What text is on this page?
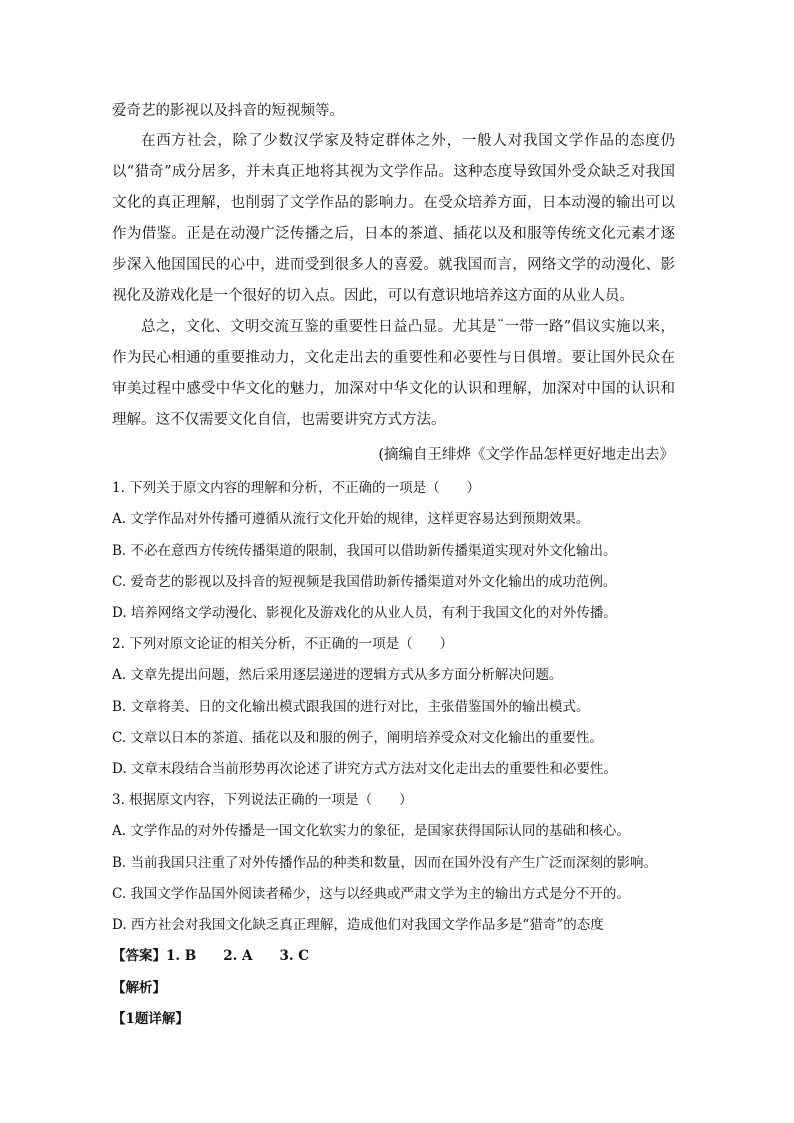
爱奇艺的影视以及抖音的短视频等。
在西方社会，除了少数汉学家及特定群体之外，一般人对我国文学作品的态度仍以“猎奇”成分居多，并未真正地将其视为文学作品。这种态度导致国外受众缺乏对我国文化的真正理解，也削弱了文学作品的影响力。在受众培养方面，日本动漫的输出可以作为借鉴。正是在动漫广泛传播之后，日本的茶道、插花以及和服等传统文化元素才逐步深入他国国民的心中，进而受到很多人的喜爱。就我国而言，网络文学的动漫化、影视化及游戏化是一个很好的切入点。因此，可以有意识地培养这方面的从业人员。
总之，文化、文明交流互鉴的重要性日益凸显。尤其是¨一带一路”倡议实施以来，作为民心相通的重要推动力，文化走出去的重要性和必要性与日俱增。要让国外民众在审美过程中感受中华文化的魅力，加深对中华文化的认识和理解，加深对中国的认识和理解。这不仅需要文化自信，也需要讲究方式方法。
(摘编自王绯烨《文学作品怎样更好地走出去》
1. 下列关于原文内容的理解和分析，不正确的一项是（　　）
A. 文学作品对外传播可遵循从流行文化开始的规律，这样更容易达到预期效果。
B. 不必在意西方传统传播渠道的限制，我国可以借助新传播渠道实现对外文化输出。
C. 爱奇艺的影视以及抖音的短视频是我国借助新传播渠道对外文化输出的成功范例。
D. 培养网络文学动漫化、影视化及游戏化的从业人员，有利于我国文化的对外传播。
2. 下列对原文论证的相关分析，不正确的一项是（　　）
A. 文章先提出问题，然后采用逐层递进的逻辑方式从多方面分析解决问题。
B. 文章将美、日的文化输出模式跟我国的进行对比，主张借鉴国外的输出模式。
C. 文章以日本的茶道、插花以及和服的例子，阐明培养受众对文化输出的重要性。
D. 文章末段结合当前形势再次论述了讲究方式方法对文化走出去的重要性和必要性。
3. 根据原文内容，下列说法正确的一项是（　　）
A. 文学作品的对外传播是一国文化软实力的象征，是国家获得国际认同的基础和核心。
B. 当前我国只注重了对外传播作品的种类和数量，因而在国外没有产生广泛而深刻的影响。
C. 我国文学作品国外阅读者稀少，这与以经典或严肃文学为主的输出方式是分不开的。
D. 西方社会对我国文化缺乏真正理解，造成他们对我国文学作品多是“猎奇”的态度
【答案】1. B　　2. A　　3. C
【解析】
【1题详解】
